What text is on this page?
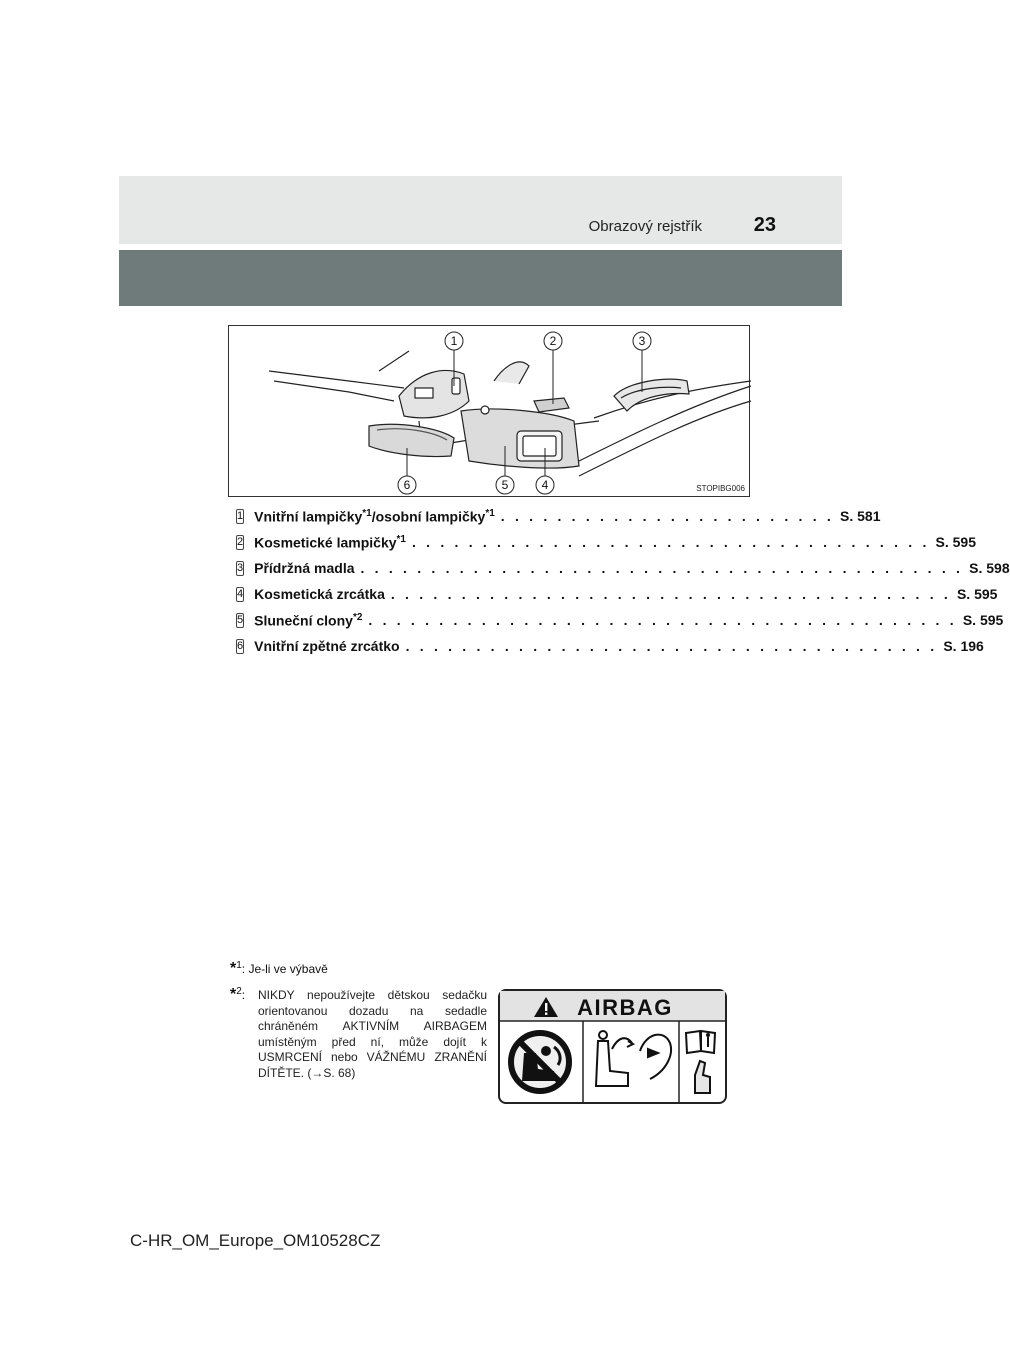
Obrazový rejstřík	23
1	2	3
4
5
6	STOPIBG006
1 Vnitřní lampičky$^{*1}$/osobní lampičky$^{*1}$ . . . . . . . . . . . . . . . . . . . . . . . . S. 581
2 Kosmetické lampičky$^{*1}$ . . . . . . . . . . . . . . . . . . . . . . . . . . . . . . . . . . . . . S. 595
3 Přídržná madla . . . . . . . . . . . . . . . . . . . . . . . . . . . . . . . . . . . . . . . . . . . S. 598
4 Kosmetická zrcátka . . . . . . . . . . . . . . . . . . . . . . . . . . . . . . . . . . . . . . . . S. 595
5 Sluneční clony$^{*2}$ . . . . . . . . . . . . . . . . . . . . . . . . . . . . . . . . . . . . . . . . . . S. 595
6 Vnitřní zpětné zrcátko . . . . . . . . . . . . . . . . . . . . . . . . . . . . . . . . . . . . . . S. 196
*$^1$: Je-li ve výbavě
*$^2$: NIKDY nepoužívejte dětskou sedačku orientovanou dozadu na sedadle chráněném AKTIVNÍM AIRBAGEM umístěným před ní, může dojít k USMRCENÍ nebo VÁŽNÉMU ZRANĚNÍ DÍTĚTE. (→S. 68)
AIRBAG
C-HR_OM_Europe_OM10528CZ
